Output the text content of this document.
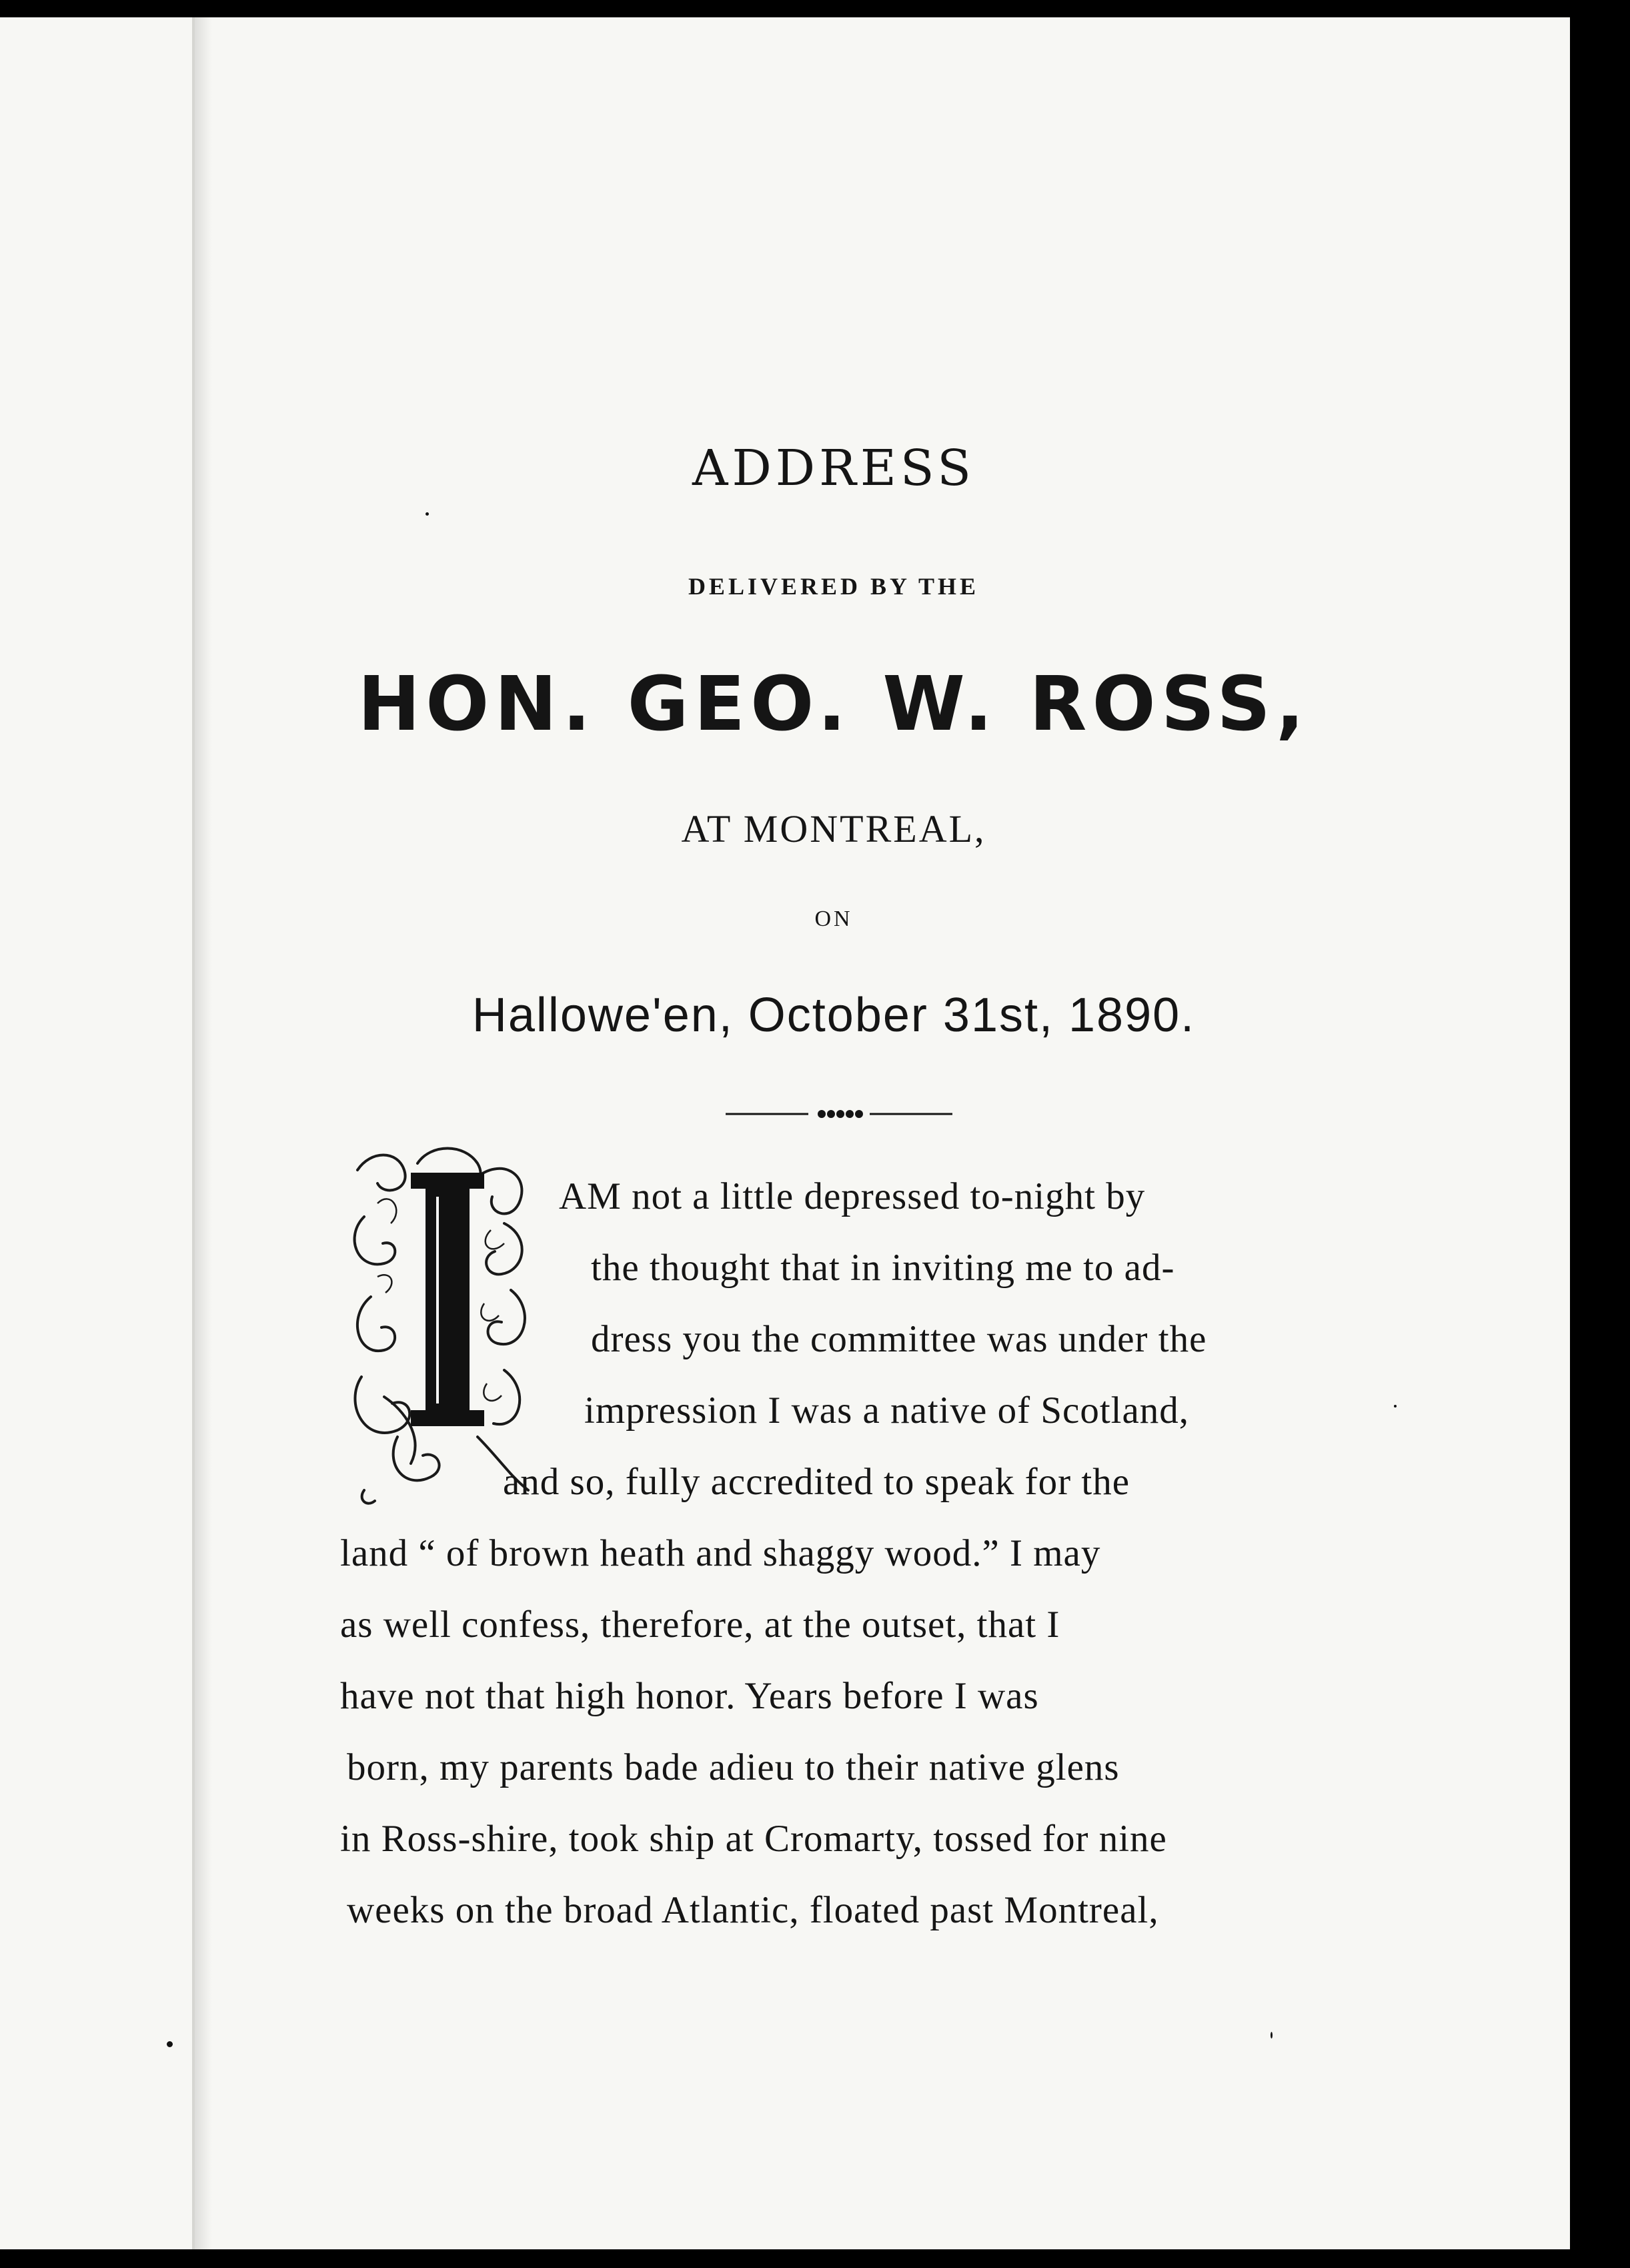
ADDRESS
DELIVERED BY THE
HON. GEO. W. ROSS,
AT MONTREAL,
ON
Hallowe'en, October 31st, 1890.
AM not a little depressed to-night by
the thought that in inviting me to ad-
dress you the committee was under the
impression I was a native of Scotland,
and so, fully accredited to speak for the
land “ of brown heath and shaggy wood.” I may
as well confess, therefore, at the outset, that I
have not that high honor. Years before I was
born, my parents bade adieu to their native glens
in Ross-shire, took ship at Cromarty, tossed for nine
weeks on the broad Atlantic, floated past Montreal,
